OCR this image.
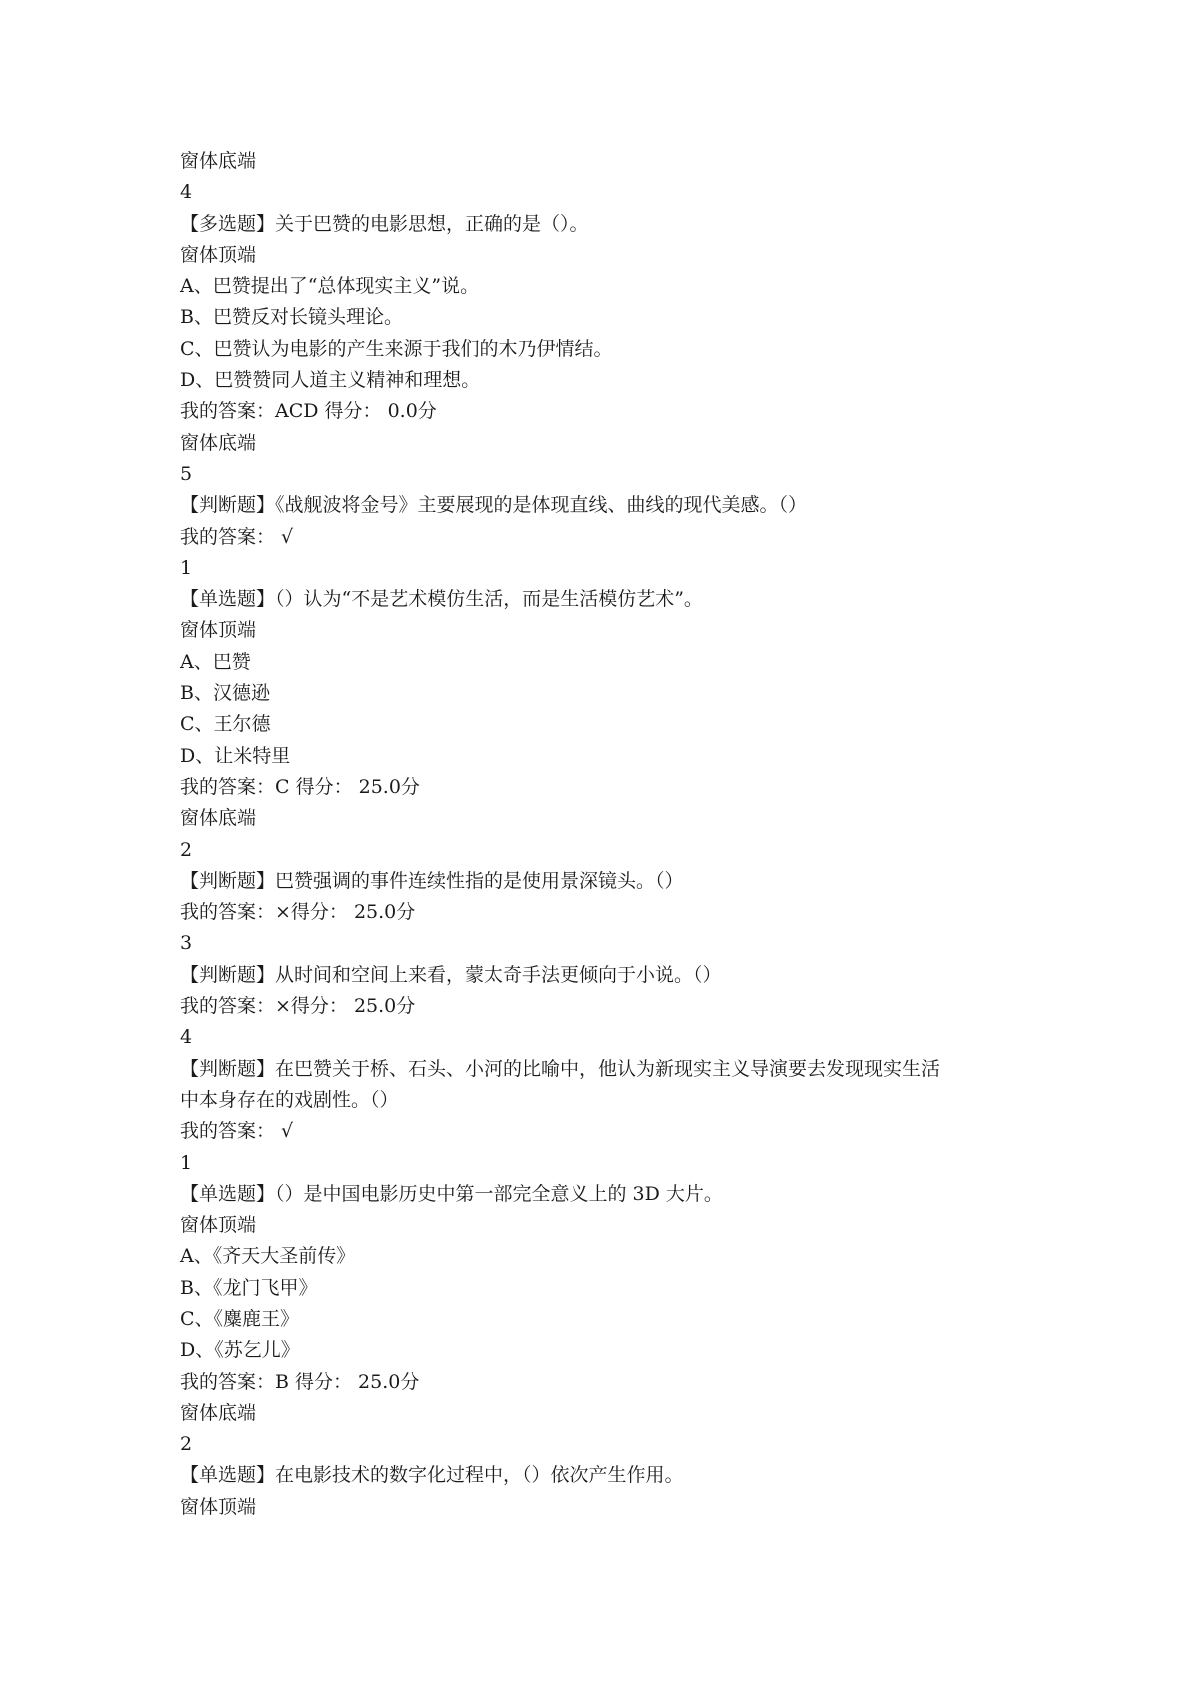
窗体底端

4

【多选题】关于巴赞的电影思想，正确的是（）。

窗体顶端

A、巴赞提出了“总体现实主义”说。

B、巴赞反对长镜头理论。

C、巴赞认为电影的产生来源于我们的木乃伊情结。

D、巴赞赞同人道主义精神和理想。

我的答案：ACD 得分： 0.0分

窗体底端

5

【判断题】《战舰波将金号》主要展现的是体现直线、曲线的现代美感。（）

我的答案： √

1

【单选题】（）认为“不是艺术模仿生活，而是生活模仿艺术”。

窗体顶端

A、巴赞

B、汉德逊

C、王尔德

D、让米特里

我的答案：C 得分： 25.0分

窗体底端

2

【判断题】巴赞强调的事件连续性指的是使用景深镜头。（）

我的答案：×得分： 25.0分

3

【判断题】从时间和空间上来看，蒙太奇手法更倾向于小说。（）

我的答案：×得分： 25.0分

4

【判断题】在巴赞关于桥、石头、小河的比喻中，他认为新现实主义导演要去发现现实生活

中本身存在的戏剧性。（）

我的答案： √

1

【单选题】（）是中国电影历史中第一部完全意义上的 3D 大片。

窗体顶端

A、《齐天大圣前传》

B、《龙门飞甲》

C、《麋鹿王》

D、《苏乞儿》

我的答案：B 得分： 25.0分

窗体底端

2

【单选题】在电影技术的数字化过程中，（）依次产生作用。

窗体顶端
